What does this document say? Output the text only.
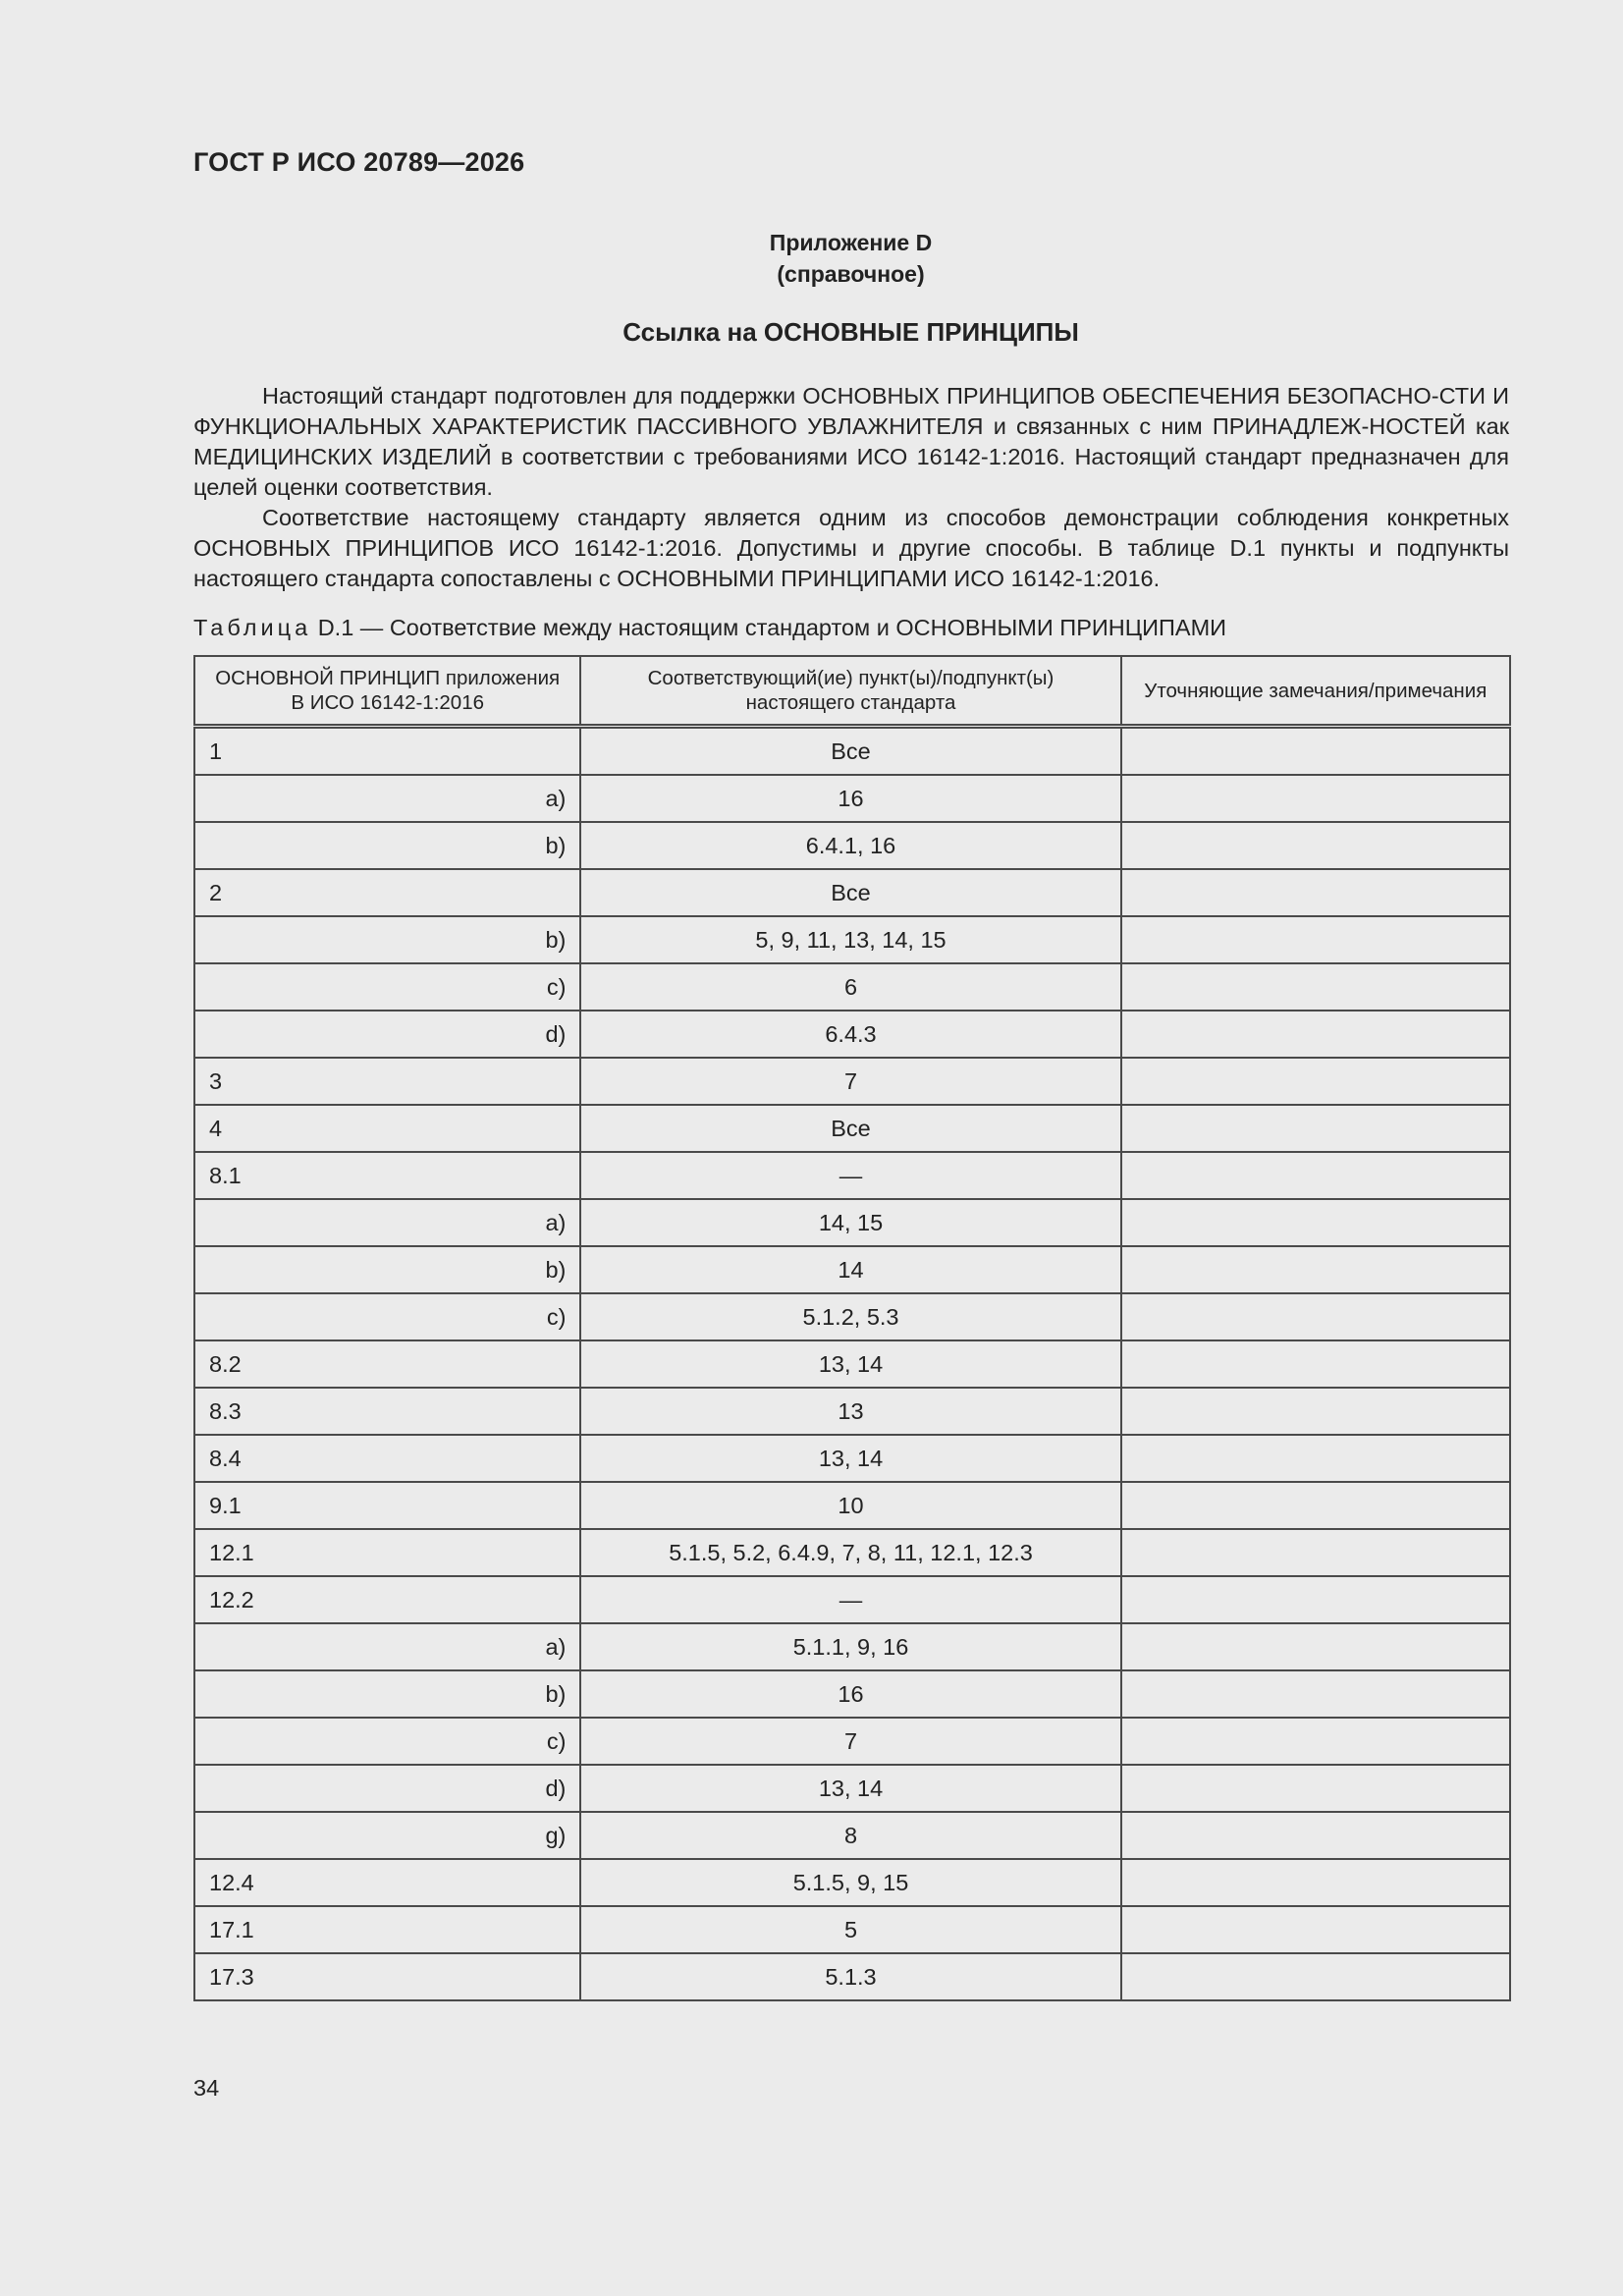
ГОСТ Р ИСО 20789—2026
Приложение D
(справочное)
Ссылка на ОСНОВНЫЕ ПРИНЦИПЫ

Настоящий стандарт подготовлен для поддержки ОСНОВНЫХ ПРИНЦИПОВ ОБЕСПЕЧЕНИЯ БЕЗОПАСНО-СТИ И ФУНКЦИОНАЛЬНЫХ ХАРАКТЕРИСТИК ПАССИВНОГО УВЛАЖНИТЕЛЯ и связанных с ним ПРИНАДЛЕЖ-НОСТЕЙ как МЕДИЦИНСКИХ ИЗДЕЛИЙ в соответствии с требованиями ИСО 16142-1:2016. Настоящий стандарт предназначен для целей оценки соответствия.

Соответствие настоящему стандарту является одним из способов демонстрации соблюдения конкретных ОСНОВНЫХ ПРИНЦИПОВ ИСО 16142-1:2016. Допустимы и другие способы. В таблице D.1 пункты и подпункты настоящего стандарта сопоставлены с ОСНОВНЫМИ ПРИНЦИПАМИ ИСО 16142-1:2016.

Таблица D.1 — Соответствие между настоящим стандартом и ОСНОВНЫМИ ПРИНЦИПАМИ
ОСНОВНОЙ ПРИНЦИП приложения B ИСО 16142-1:2016	Соответствующий(ие) пункт(ы)/подпункт(ы) настоящего стандарта	Уточняющие замечания/примечания
1	Все	
a)	16	
b)	6.4.1, 16	
2	Все	
b)	5, 9, 11, 13, 14, 15	
c)	6	
d)	6.4.3	
3	7	
4	Все	
8.1	—	
a)	14, 15	
b)	14	
c)	5.1.2, 5.3	
8.2	13, 14	
8.3	13	
8.4	13, 14	
9.1	10	
12.1	5.1.5, 5.2, 6.4.9, 7, 8, 11, 12.1, 12.3	
12.2	—	
a)	5.1.1, 9, 16	
b)	16	
c)	7	
d)	13, 14	
g)	8	
12.4	5.1.5, 9, 15	
17.1	5	
17.3	5.1.3	
34
